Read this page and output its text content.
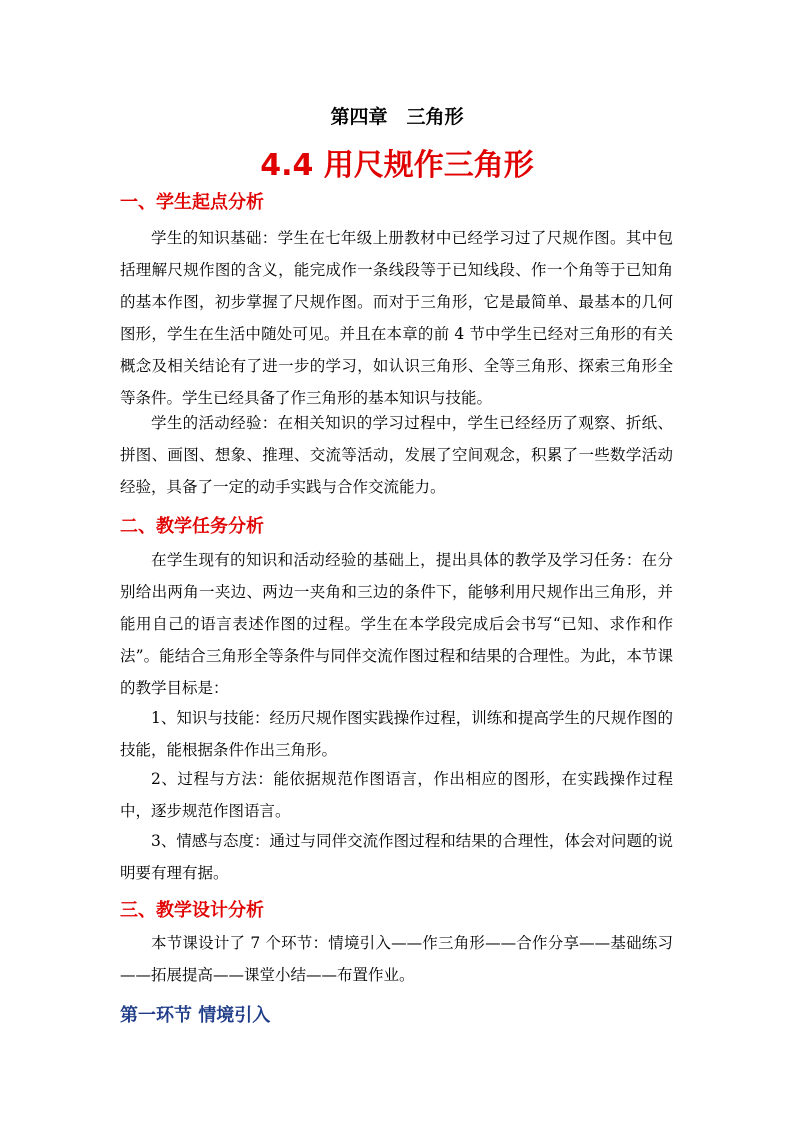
第四章　三角形
4.4 用尺规作三角形
一、学生起点分析
学生的知识基础：学生在七年级上册教材中已经学习过了尺规作图。其中包括理解尺规作图的含义，能完成作一条线段等于已知线段、作一个角等于已知角的基本作图，初步掌握了尺规作图。而对于三角形，它是最简单、最基本的几何图形，学生在生活中随处可见。并且在本章的前 4 节中学生已经对三角形的有关概念及相关结论有了进一步的学习，如认识三角形、全等三角形、探索三角形全等条件。学生已经具备了作三角形的基本知识与技能。
学生的活动经验：在相关知识的学习过程中，学生已经经历了观察、折纸、拼图、画图、想象、推理、交流等活动，发展了空间观念，积累了一些数学活动经验，具备了一定的动手实践与合作交流能力。
二、教学任务分析
在学生现有的知识和活动经验的基础上，提出具体的教学及学习任务：在分别给出两角一夹边、两边一夹角和三边的条件下，能够利用尺规作出三角形，并能用自己的语言表述作图的过程。学生在本学段完成后会书写“已知、求作和作法”。能结合三角形全等条件与同伴交流作图过程和结果的合理性。为此，本节课的教学目标是：
1、知识与技能：经历尺规作图实践操作过程，训练和提高学生的尺规作图的技能，能根据条件作出三角形。
2、过程与方法：能依据规范作图语言，作出相应的图形，在实践操作过程中，逐步规范作图语言。
3、情感与态度：通过与同伴交流作图过程和结果的合理性，体会对问题的说明要有理有据。
三、教学设计分析
本节课设计了 7 个环节：情境引入——作三角形——合作分享——基础练习——拓展提高——课堂小结——布置作业。
第一环节 情境引入
